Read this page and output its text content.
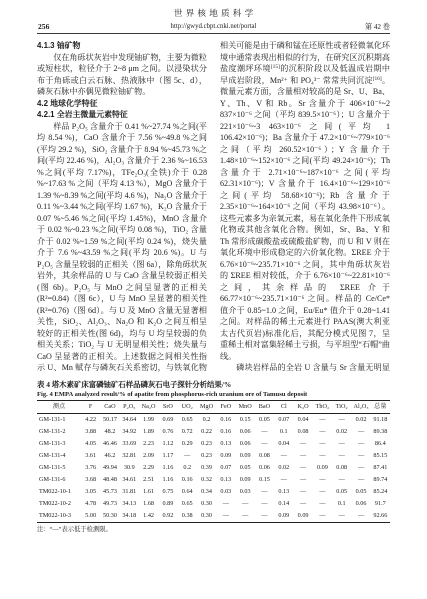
世界核地质科学
256	http://gwyd.cbpt.cnki.net/portal	第 42 卷
4.1.3 铀矿物

仅在角砾状灰岩中发现铀矿物，主要为微粒或短柱状，粒径介于 2~8 μm 之间。以浸染状分布于角砾或白云石脉、热液脉中（图 5c、d），磷灰石脉中亦偶见微粒铀矿物。

4.2 地球化学特征
4.2.1 全岩主微量元素特征

样品 P₂O₅ 含量介于 0.41 %~27.74 %之间(平均 8.54 %)，CaO 含量介于 7.56 %~49.8 %之间(平均 29.2 %)，SiO₂ 含量介于 8.94 %~45.73 %之间(平均 22.46 %)，Al₂O₃ 含量介于 2.36 %~16.53 %之间(平均 7.17%)，TFe₂O₃(全铁)介于 0.28 %~17.63 % 之间（平均 4.13 %），MgO 含量介于 1.39 %~8.39 %之间(平均 4.6 %)，Na₂O 含量介于 0.11 %~3.44 %之间(平均 1.67 %)，K₂O 含量介于 0.07 %~5.46 %之间(平均 1.45%)，MnO 含量介于 0.02 %~0.23 %之间(平均 0.08 %)，TiO₂ 含量介于 0.02 %~1.59 %之间(平均 0.24 %)，烧失量介于 7.6 %~43.59 %之间(平均 20.6 %)。U 与 P₂O₅ 含量呈较弱的正相关（图 6a），除角砾状灰岩外，其余样品的 U 与 CaO 含量呈较弱正相关(图 6b)。P₂O₅ 与 MnO 之间呈显著的正相关(R²=0.84)（图 6c），U 与 MnO 呈显著的相关性(R²=0.76)（图 6d）。与 U 及 MnO 含量无显著相关性，SiO₂、Al₂O₃、Na₂O 和 K₂O 之间互相呈较好的正相关性(图 6d)，均与 U 均呈较弱的负相关关系；TiO₂ 与 U 无明显相关性；烧失量与 CaO 呈显著的正相关。上述数据之间相关性指示 U、Mn 赋存与磷灰石关系密切，与铁氧化物

相关可能是由于磷和锰在还原性或者轻微氧化环境中通常表现出相似的行为，在研究区沉积期高盐度潮坪环境[15]的沉积阶段以及低温成岩期中早成岩阶段，Mn²⁺ 和 PO₄³⁻ 常常共同沉淀[16]。微量元素方面，含量相对较高的是 Sr、U、Ba、Y、Th、V 和 Rb。Sr 含量介于 406×10⁻⁶~2 837×10⁻⁶ 之间（平均 839.5×10⁻⁶）；U 含量介于 221×10⁻⁶~3 463×10⁻⁶ 之间(平均 1 106.42×10⁻⁶)；Ba 含量介于 47.2×10⁻⁶~779×10⁻⁶ 之间（平均 260.52×10⁻⁶）；Y 含量介于 1.48×10⁻⁶~152×10⁻⁶ 之间(平均 49.24×10⁻⁶)；Th 含量介于 2.71×10⁻⁶~187×10⁻⁶ 之间(平均 62.31×10⁻⁶)；V 含量介于 16.4×10⁻⁶~129×10⁻⁶ 之间(平均 58.68×10⁻⁶)；Rb 含量介于 2.35×10⁻⁶~164×10⁻⁶ 之间（平均 43.98×10⁻⁶）。这些元素多为亲氧元素，易在氧化条件下形成氧化物或其他含氧化合物。例如，Sr、Ba、Y 和 Th 常形成碳酸盐或硫酸盐矿物，而 U 和 V 则在氧化环境中形成稳定的六价氧化物。ΣREE 介于 6.76×10⁻⁶~235.71×10⁻⁶ 之间，其中角砾状灰岩的 ΣREE 相对较低，介于 6.76×10⁻⁶~22.81×10⁻⁶ 之间，其余样品的 ΣREE 介于 66.77×10⁻⁶~235.71×10⁻⁶ 之间。样品的 Ce/Ce* 值介于 0.85~1.0 之间，Eu/Eu* 值介于 0.28~1.41 之间。对样品的稀土元素进行 PAAS(澳大利亚太古代页岩)标准化后，其配分模式见图 7，呈重稀土相对富集轻稀土亏损，与平坦型“石帽”曲线。

磷块岩样品的全岩 U 含量与 Sr 含量无明显

表 4 塔木素矿床富磷铀矿石样品磷灰石电子探针分析结果/%
Fig. 4 EMPA analyzed result/% of apatite from phosphorus-rich uranium ore of Tamusu deposit
测点	F	CaO	P₂O₅	Na₂O	SrO	UO₂	MgO	FeO	MnO	BaO	Cl	K₂O	ThO₂	TiO₂	Al₂O₃	总量
GM-131-1	4.22	50.17	34.64	1.99	0.69	0.65	0.2	0.16	0.15	0.05	0.07	0.04	—	—	0.02	91.18
GM-131-2	3.88	48.2	34.92	1.89	0.76	0.72	0.22	0.16	0.06	—	0.1	0.08	—	0.02	—	89.38
GM-131-3	4.05	46.46	33.69	2.23	1.12	0.29	0.23	0.13	0.06	—	0.04	—	—	—	—	86.4
GM-131-4	3.61	46.2	32.81	2.09	1.17	—	0.23	0.09	0.09	0.08	—	—	—	—	—	85.15
GM-131-5	3.76	49.94	30.9	2.29	1.16	0.2	0.39	0.07	0.05	0.06	0.02	—	0.09	0.08	—	87.41
GM-131-6	3.68	48.48	34.61	2.51	1.16	0.16	0.32	0.13	0.09	0.15	—	—	—	—	—	89.74
TM022-10-1	3.05	45.73	31.81	1.61	0.75	0.64	0.34	0.03	0.03	—	0.13	—	—	0.05	0.05	85.24
TM022-10-2	4.78	49.73	34.13	1.68	0.89	0.65	0.30	—	—	—	0.14	—	—	0.1	0.06	91.7
TM022-10-3	5.00	50.30	34.18	1.42	0.92	0.38	0.30	—	—	—	0.09	0.09	—	—	—	92.66
注：“—”表示低于检测限。
